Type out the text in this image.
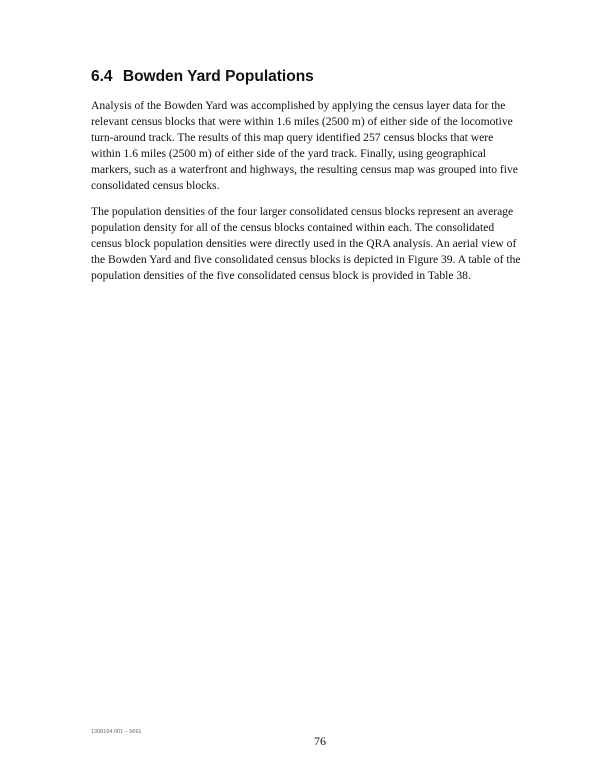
6.4 Bowden Yard Populations

Analysis of the Bowden Yard was accomplished by applying the census layer data for the relevant census blocks that were within 1.6 miles (2500 m) of either side of the locomotive turn-around track. The results of this map query identified 257 census blocks that were within 1.6 miles (2500 m) of either side of the yard track. Finally, using geographical markers, such as a waterfront and highways, the resulting census map was grouped into five consolidated census blocks.

The population densities of the four larger consolidated census blocks represent an average population density for all of the census blocks contained within each. The consolidated census block population densities were directly used in the QRA analysis. An aerial view of the Bowden Yard and five consolidated census blocks is depicted in Figure 39. A table of the population densities of the five consolidated census block is provided in Table 38.

1308194.001 – 5691
76
